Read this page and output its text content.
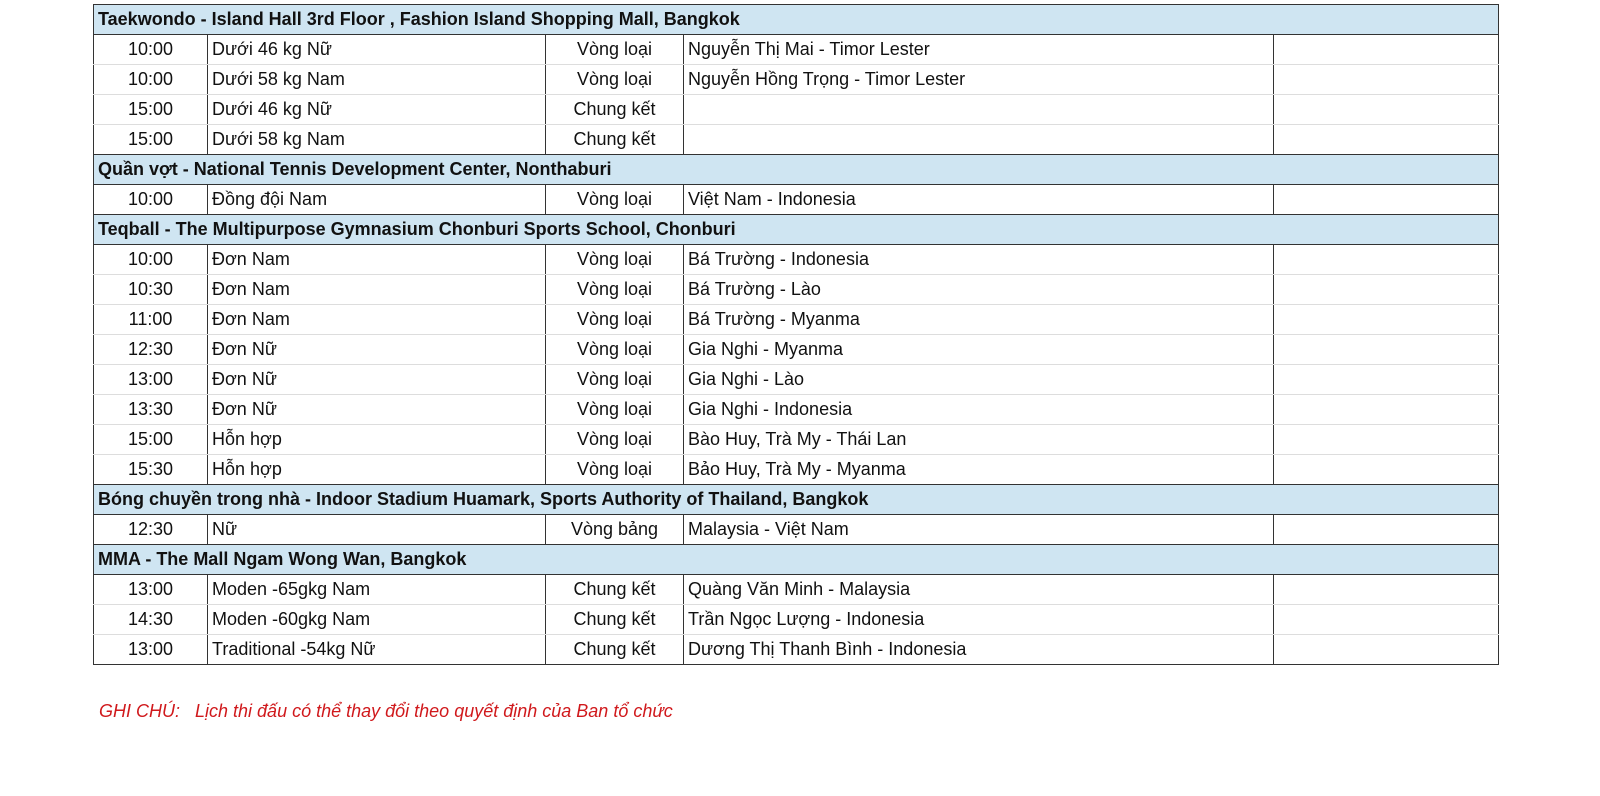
Taekwondo - Island Hall 3rd Floor , Fashion Island Shopping Mall, Bangkok				
10:00	Dưới 46 kg Nữ	Vòng loại	Nguyễn Thị Mai - Timor Lester	
10:00	Dưới 58 kg Nam	Vòng loại	Nguyễn Hồng Trọng - Timor Lester	
15:00	Dưới 46 kg Nữ	Chung kết		
15:00	Dưới 58 kg Nam	Chung kết		
Quần vợt - National Tennis Development Center, Nonthaburi				
10:00	Đồng đội Nam	Vòng loại	Việt Nam - Indonesia	
Teqball - The Multipurpose Gymnasium Chonburi Sports School, Chonburi				
10:00	Đơn Nam	Vòng loại	Bá Trường - Indonesia	
10:30	Đơn Nam	Vòng loại	Bá Trường - Lào	
11:00	Đơn Nam	Vòng loại	Bá Trường - Myanma	
12:30	Đơn Nữ	Vòng loại	Gia Nghi - Myanma	
13:00	Đơn Nữ	Vòng loại	Gia Nghi - Lào	
13:30	Đơn Nữ	Vòng loại	Gia Nghi - Indonesia	
15:00	Hỗn hợp	Vòng loại	Bào Huy, Trà My - Thái Lan	
15:30	Hỗn hợp	Vòng loại	Bảo Huy, Trà My - Myanma	
Bóng chuyền trong nhà - Indoor Stadium Huamark, Sports Authority of Thailand, Bangkok				
12:30	Nữ	Vòng bảng	Malaysia - Việt Nam	
MMA - The Mall Ngam Wong Wan, Bangkok				
13:00	Moden -65gkg Nam	Chung kết	Quàng Văn Minh - Malaysia	
14:30	Moden -60gkg Nam	Chung kết	Trần Ngọc Lượng - Indonesia	
13:00	Traditional -54kg Nữ	Chung kết	Dương Thị Thanh Bình - Indonesia	
GHI CHÚ: Lịch thi đấu có thể thay đổi theo quyết định của Ban tổ chức
